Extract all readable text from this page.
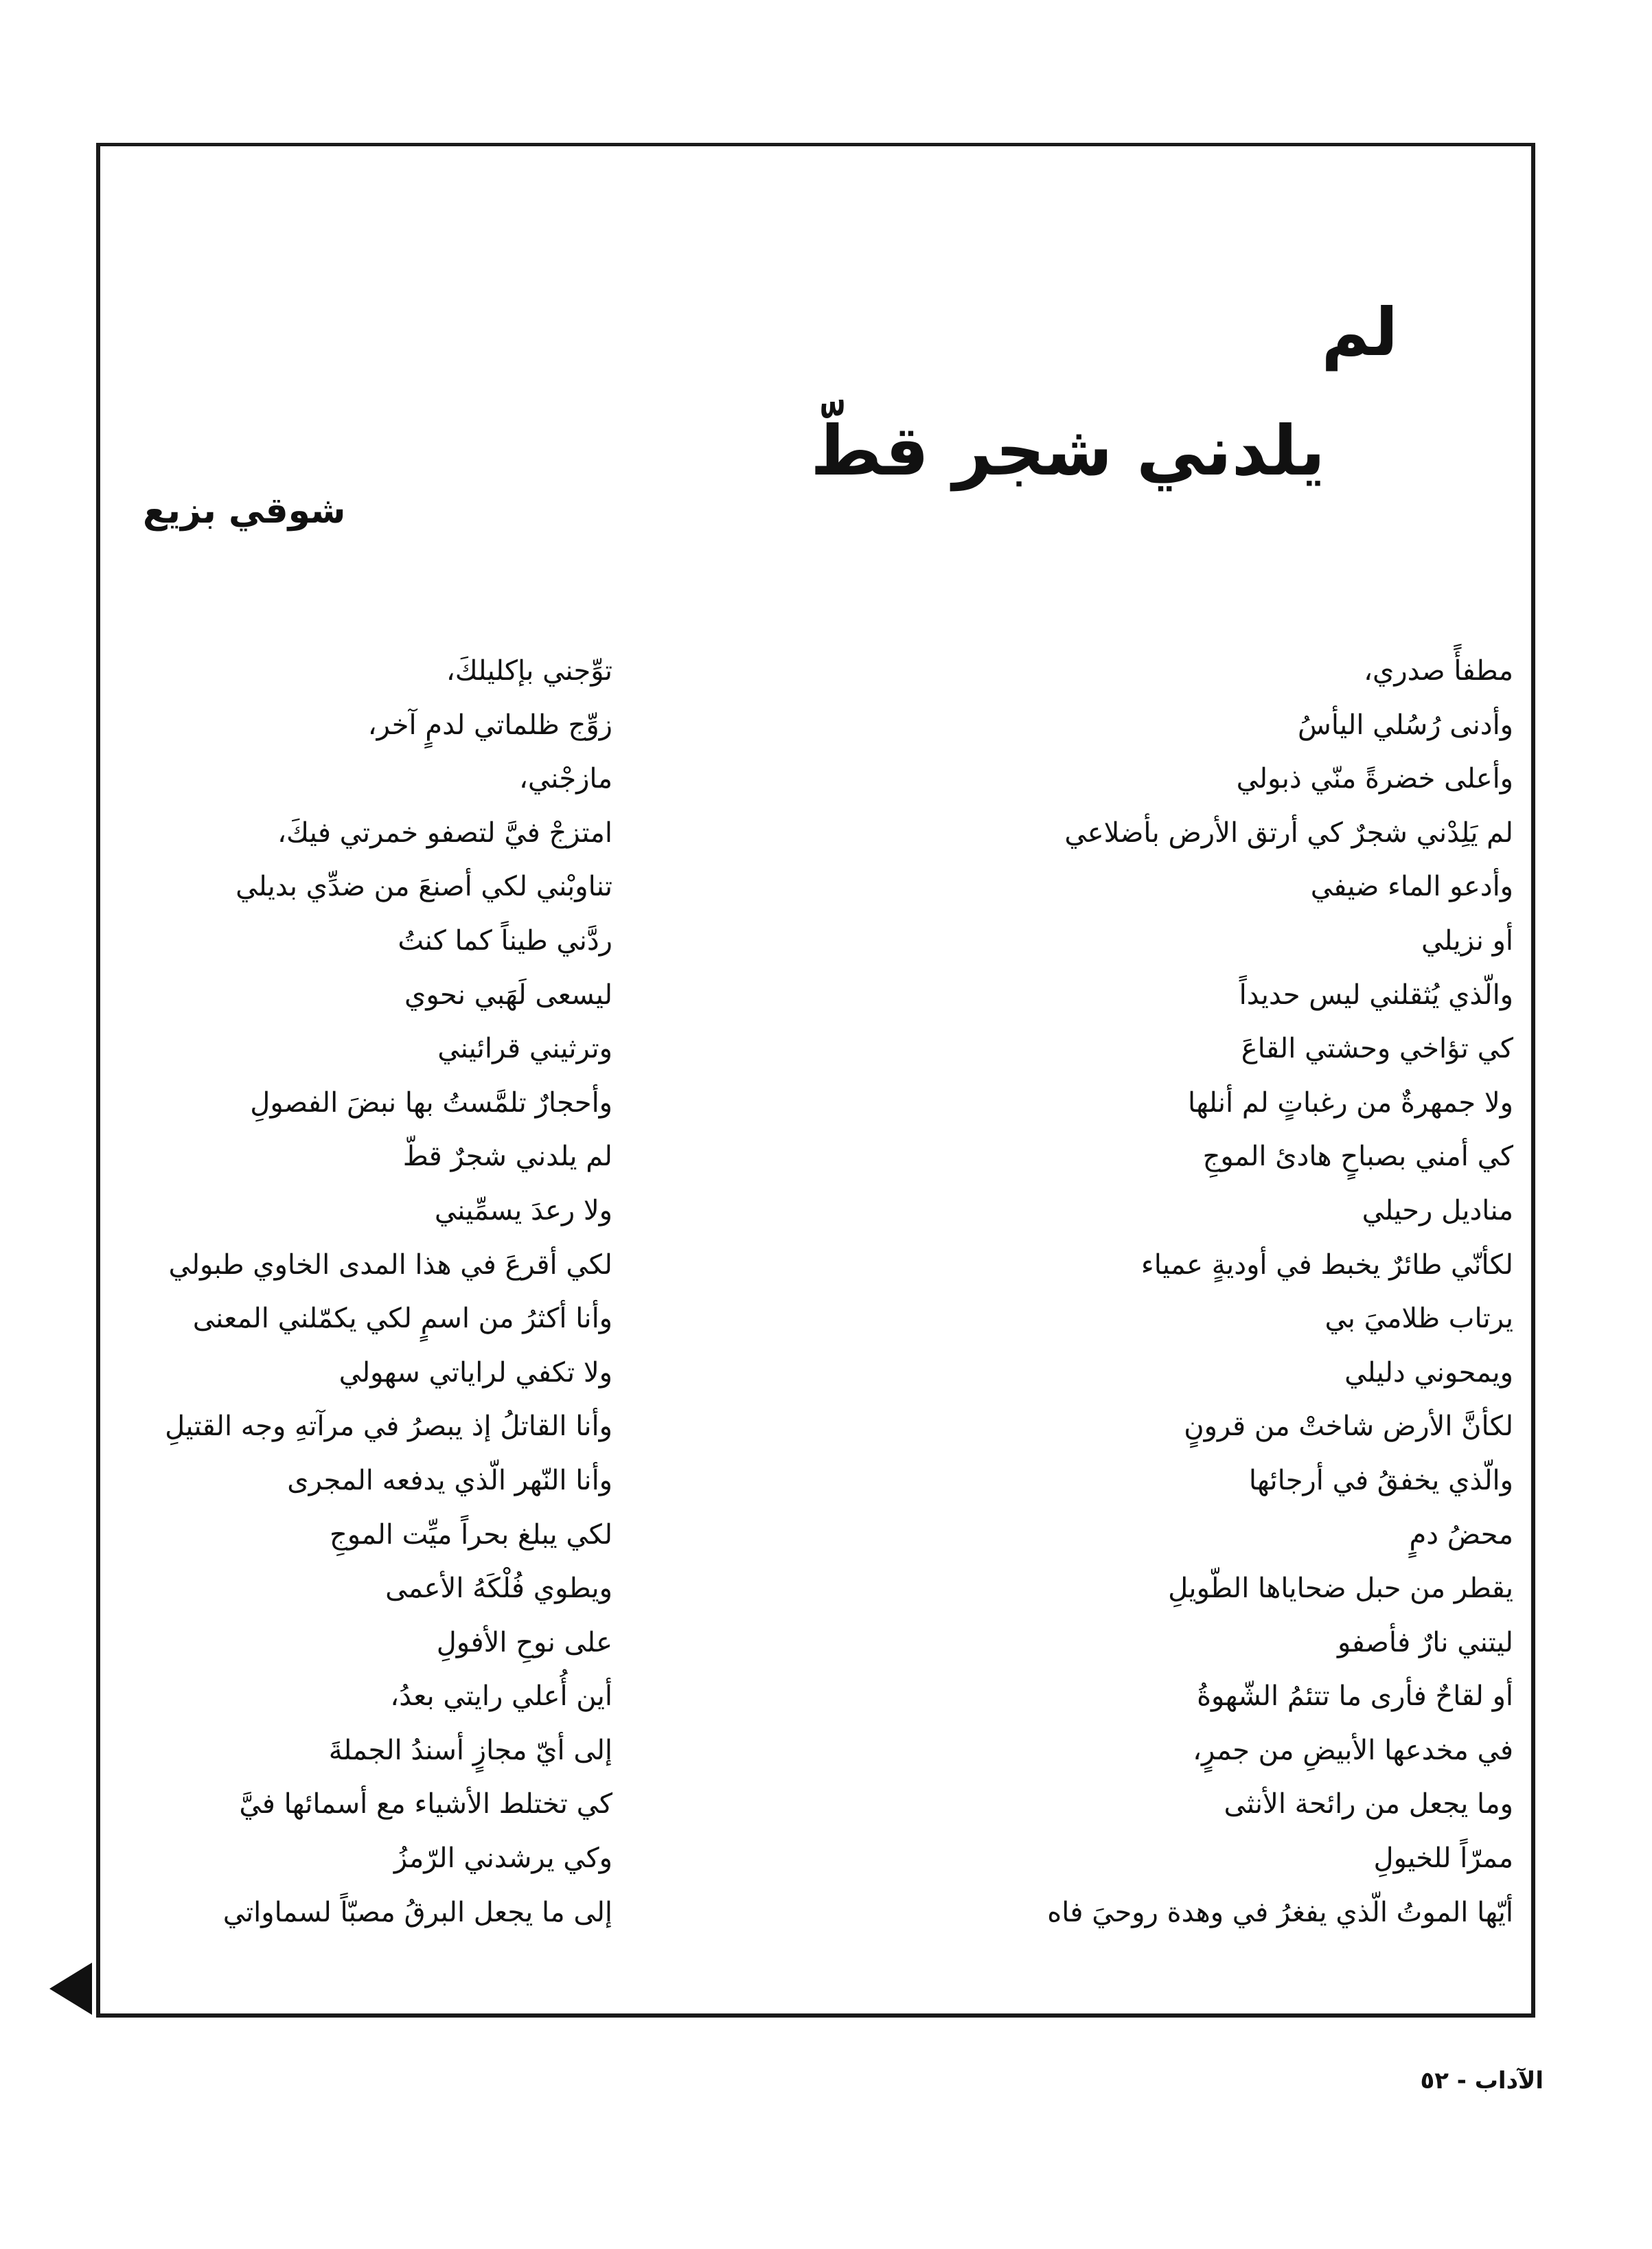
لم
يلدني شجر قطّ
شوقي بزيع
مطفأً صدري،
وأدنى رُسُلي اليأسُ
وأعلى خضرةً منّي ذبولي
لم يَلِدْني شجرٌ كي أرتق الأرض بأضلاعي
وأدعو الماء ضيفي
أو نزيلي
والّذي يُثقلني ليس حديداً
كي تؤاخي وحشتي القاعَ
ولا جمهرةٌ من رغباتٍ لم أنلها
كي أمني بصباحٍ هادئ الموجِ
مناديل رحيلي
لكأنّي طائرٌ يخبط في أوديةٍ عمياء
يرتاب ظلاميَ بي
ويمحوني دليلي
لكأنَّ الأرض شاختْ من قرونٍ
والّذي يخفقُ في أرجائها
محضُ دمٍ
يقطر من حبل ضحاياها الطّويلِ
ليتني نارٌ فأصفو
أو لقاحٌ فأرى ما تتئمُ الشّهوةُ
في مخدعها الأبيضِ من جمرٍ،
وما يجعل من رائحة الأنثى
ممرّاً للخيولِ
أيّها الموتُ الّذي يفغرُ في وهدة روحيَ فاه
توِّجني بإكليلكَ،
زوِّج ظلماتي لدمٍ آخر،
مازجْني،
امتزجْ فيَّ لتصفو خمرتي فيكَ،
تناوبْني لكي أصنعَ من ضدِّي بديلي
ردَّني طيناً كما كنتُ
ليسعى لَهَبي نحوي
وترثيني قرائيني
وأحجارٌ تلمَّستُ بها نبضَ الفصولِ
لم يلدني شجرٌ قطّ
ولا رعدَ يسمِّيني
لكي أقرعَ في هذا المدى الخاوي طبولي
وأنا أكثرُ من اسمٍ لكي يكمّلني المعنى
ولا تكفي لراياتي سهولي
وأنا القاتلُ إذ يبصرُ في مرآتهِ وجه القتيلِ
وأنا النّهر الّذي يدفعه المجرى
لكي يبلغ بحراً ميِّت الموجِ
ويطوي فُلْكَهُ الأعمى
على نوحِ الأفولِ
أين أُعلي رايتي بعدُ،
إلى أيّ مجازٍ أسندُ الجملةَ
كي تختلط الأشياء مع أسمائها فيَّ
وكي يرشدني الرّمزُ
إلى ما يجعل البرقُ مصبّاً لسماواتي
الآداب - ٥٢
